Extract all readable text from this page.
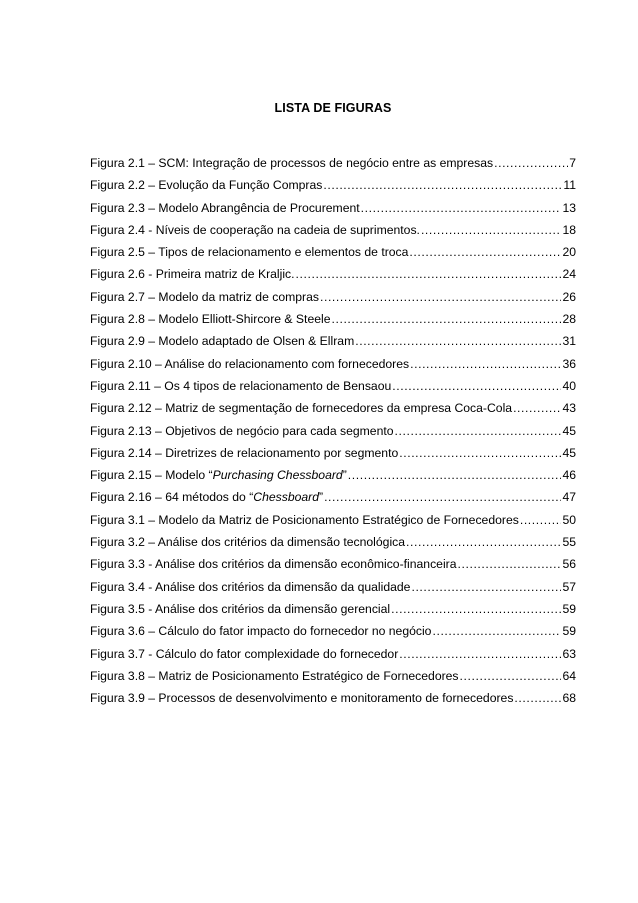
LISTA DE FIGURAS
Figura 2.1 – SCM: Integração de processos de negócio entre as empresas .....	7
Figura 2.2 – Evolução da Função Compras .....	11
Figura 2.3 – Modelo Abrangência de Procurement .....	13
Figura 2.4 - Níveis de cooperação na cadeia de suprimentos. .....	18
Figura 2.5 – Tipos de relacionamento e elementos de troca .....	20
Figura 2.6 - Primeira matriz de Kraljic. .....	24
Figura 2.7 – Modelo da matriz de compras .....	26
Figura 2.8 – Modelo Elliott-Shircore & Steele .....	28
Figura 2.9 – Modelo adaptado de Olsen & Ellram .....	31
Figura 2.10 – Análise do relacionamento com fornecedores .....	36
Figura 2.11 – Os 4 tipos de relacionamento de Bensaou .....	40
Figura 2.12 – Matriz de segmentação de fornecedores da empresa Coca-Cola .....	43
Figura 2.13 – Objetivos de negócio para cada segmento .....	45
Figura 2.14 – Diretrizes de relacionamento por segmento .....	45
Figura 2.15 – Modelo “Purchasing Chessboard” .....	46
Figura 2.16 – 64 métodos do “Chessboard” .....	47
Figura 3.1 – Modelo da Matriz de Posicionamento Estratégico de Fornecedores .....	50
Figura 3.2 – Análise dos critérios da dimensão tecnológica .....	55
Figura 3.3 - Análise dos critérios da dimensão econômico-financeira .....	56
Figura 3.4 - Análise dos critérios da dimensão da qualidade .....	57
Figura 3.5 - Análise dos critérios da dimensão gerencial .....	59
Figura 3.6 – Cálculo do fator impacto do fornecedor no negócio .....	59
Figura 3.7 - Cálculo do fator complexidade do fornecedor .....	63
Figura 3.8 – Matriz de Posicionamento Estratégico de Fornecedores .....	64
Figura 3.9 – Processos de desenvolvimento e monitoramento de fornecedores .....	68
